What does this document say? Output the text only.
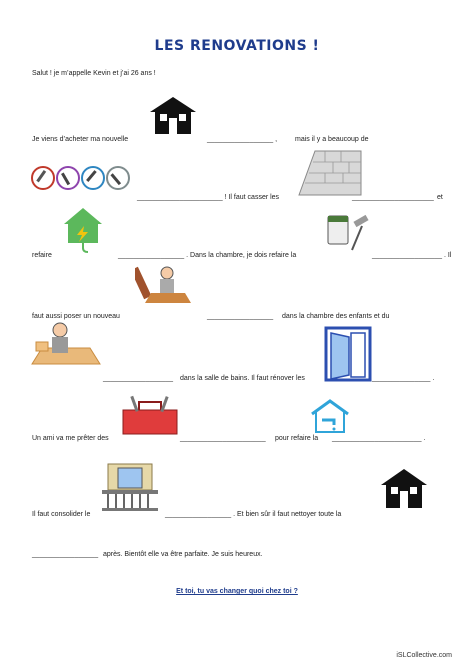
LES RENOVATIONS !
Salut ! je m’appelle Kevin et j’ai 26 ans !
Je viens d’acheter ma nouvelle	_________________ ,	mais il y a beaucoup de
______________________ ! Il faut casser les	_____________________ et
refaire	_________________ . Dans la chambre, je dois refaire la	__________________ . Il
faut aussi poser un nouveau	_________________ dans la chambre des enfants et du
__________________ dans la salle de bains. Il faut rénover les	_______________ .
Un ami va me prêter des	______________________ pour refaire la _______________________ .
Il faut consolider le	_________________ . Et bien sûr il faut nettoyer toute la
_________________ après. Bientôt elle va être parfaite. Je suis heureux.
Et toi, tu vas changer quoi chez toi ?
iSLCollective.com
